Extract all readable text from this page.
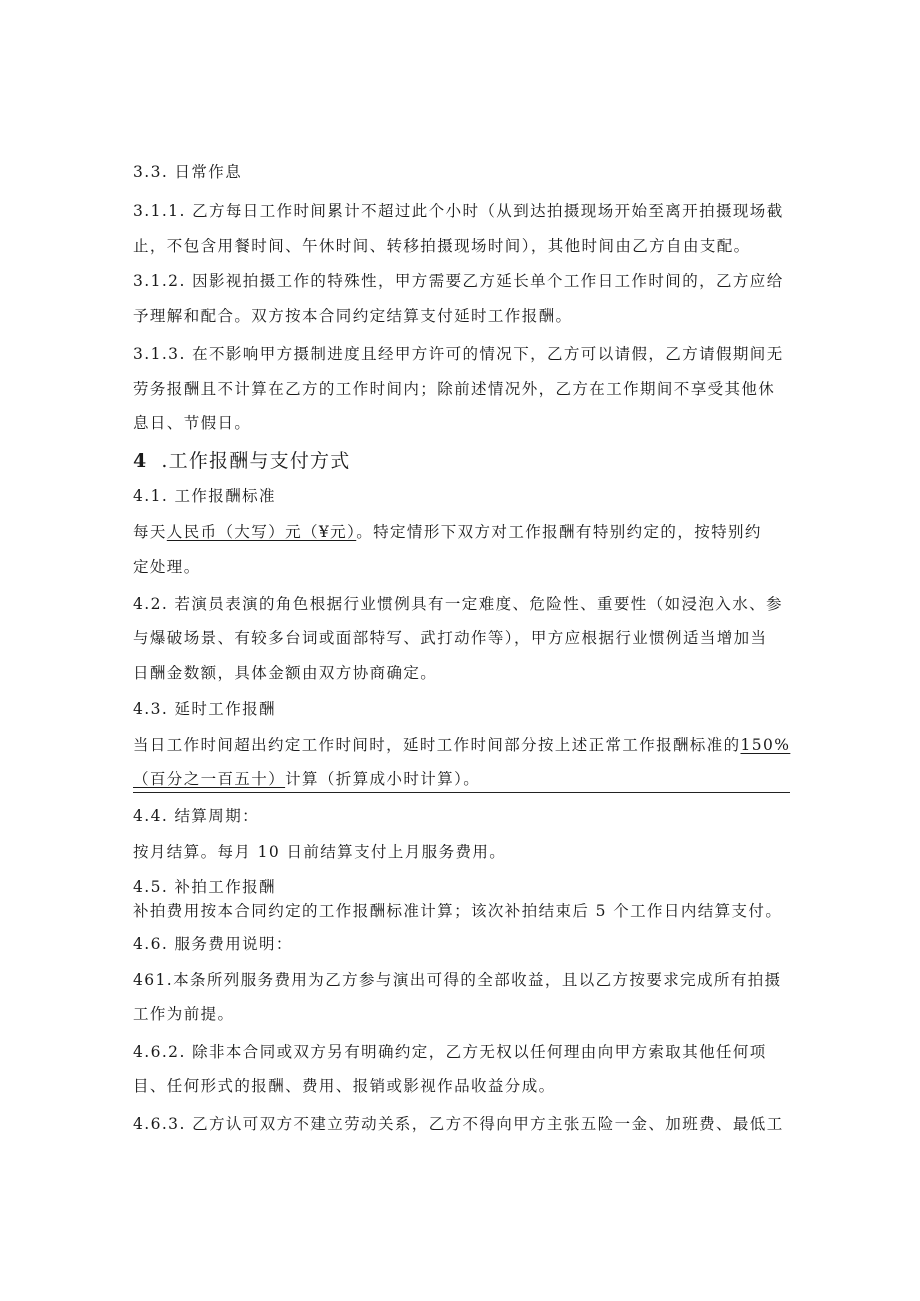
3.3. 日常作息
3.1.1. 乙方每日工作时间累计不超过此个小时（从到达拍摄现场开始至离开拍摄现场截
止，不包含用餐时间、午休时间、转移拍摄现场时间），其他时间由乙方自由支配。
3.1.2. 因影视拍摄工作的特殊性，甲方需要乙方延长单个工作日工作时间的，乙方应给
予理解和配合。双方按本合同约定结算支付延时工作报酬。
3.1.3. 在不影响甲方摄制进度且经甲方许可的情况下，乙方可以请假，乙方请假期间无
劳务报酬且不计算在乙方的工作时间内；除前述情况外，乙方在工作期间不享受其他休
息日、节假日。
4 .工作报酬与支付方式
4.1. 工作报酬标准
每天人民币（大写）元（¥元）。特定情形下双方对工作报酬有特别约定的，按特别约
定处理。
4.2. 若演员表演的角色根据行业惯例具有一定难度、危险性、重要性（如浸泡入水、参
与爆破场景、有较多台词或面部特写、武打动作等），甲方应根据行业惯例适当增加当
日酬金数额，具体金额由双方协商确定。
4.3. 延时工作报酬
当日工作时间超出约定工作时间时，延时工作时间部分按上述正常工作报酬标准的150%
（百分之一百五十）计算（折算成小时计算）。
4.4. 结算周期：
按月结算。每月 10 日前结算支付上月服务费用。
4.5. 补拍工作报酬
补拍费用按本合同约定的工作报酬标准计算；该次补拍结束后 5 个工作日内结算支付。
4.6. 服务费用说明：
461.本条所列服务费用为乙方参与演出可得的全部收益，且以乙方按要求完成所有拍摄
工作为前提。
4.6.2. 除非本合同或双方另有明确约定，乙方无权以任何理由向甲方索取其他任何项
目、任何形式的报酬、费用、报销或影视作品收益分成。
4.6.3. 乙方认可双方不建立劳动关系，乙方不得向甲方主张五险一金、加班费、最低工
